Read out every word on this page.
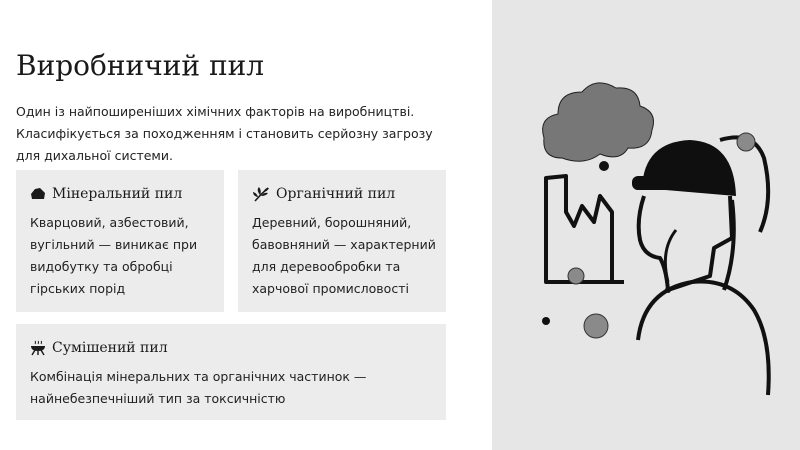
Виробничий пил

Один із найпоширеніших хімічних факторів на виробництві. Класифікується за походженням і становить серйозну загрозу для дихальної системи.

Мінеральний пил
Кварцовий, азбестовий, вугільний — виникає при видобутку та обробці гірських порід
Органічний пил
Деревний, борошняний, бавовняний — характерний для деревообробки та харчової промисловості
Сумішений пил
Комбінація мінеральних та органічних частинок — найнебезпечніший тип за токсичністю
